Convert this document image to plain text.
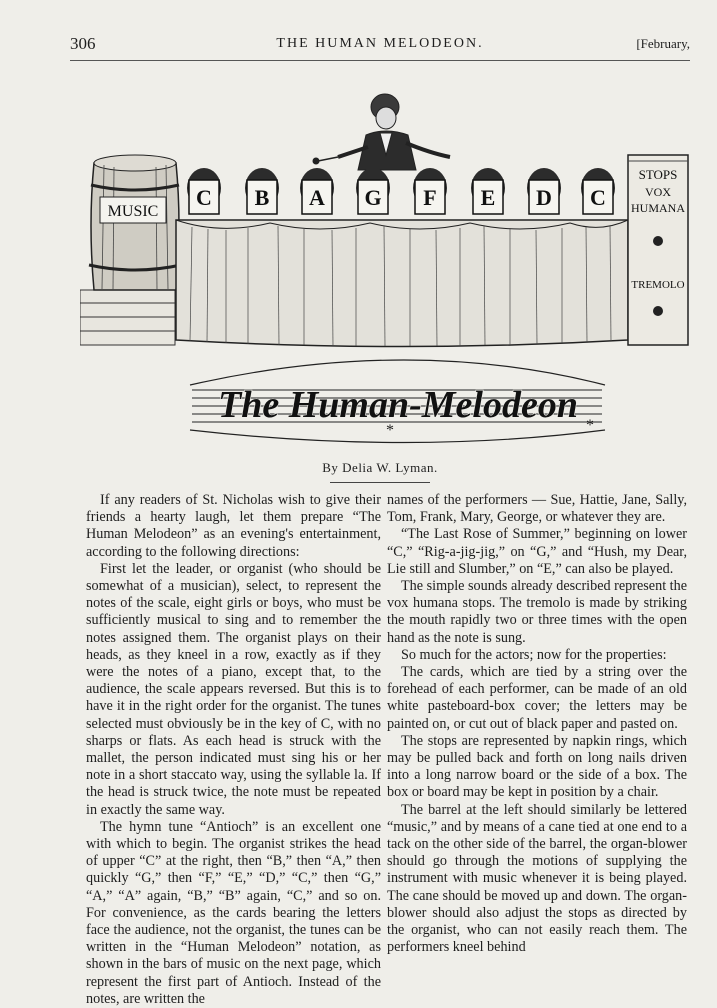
306	THE HUMAN MELODEON.	[February,
MUSIC
C B A G F E D C
STOPS
VOX
HUMANA
TREMOLO
The Human-Melodeon
*	*
By Delia W. Lyman.

If any readers of St. Nicholas wish to give their friends a hearty laugh, let them prepare “The Human Melodeon” as an evening's entertainment, according to the following directions:

First let the leader, or organist (who should be somewhat of a musician), select, to represent the notes of the scale, eight girls or boys, who must be sufficiently musical to sing and to remember the notes assigned them. The organist plays on their heads, as they kneel in a row, exactly as if they were the notes of a piano, except that, to the audience, the scale appears reversed. But this is to have it in the right order for the organist. The tunes selected must obviously be in the key of C, with no sharps or flats. As each head is struck with the mallet, the person indicated must sing his or her note in a short staccato way, using the syllable la. If the head is struck twice, the note must be repeated in exactly the same way.

The hymn tune “Antioch” is an excellent one with which to begin. The organist strikes the head of upper “C” at the right, then “B,” then “A,” then quickly “G,” then “F,” “E,” “D,” “C,” then “G,” “A,” “A” again, “B,” “B” again, “C,” and so on. For convenience, as the cards bearing the letters face the audience, not the organist, the tunes can be written in the “Human Melodeon” notation, as shown in the bars of music on the next page, which represent the first part of Antioch. Instead of the notes, are written the

names of the performers — Sue, Hattie, Jane, Sally, Tom, Frank, Mary, George, or whatever they are.

“The Last Rose of Summer,” beginning on lower “C,” “Rig-a-jig-jig,” on “G,” and “Hush, my Dear, Lie still and Slumber,” on “E,” can also be played.

The simple sounds already described represent the vox humana stops. The tremolo is made by striking the mouth rapidly two or three times with the open hand as the note is sung.

So much for the actors; now for the properties:

The cards, which are tied by a string over the forehead of each performer, can be made of an old white pasteboard-box cover; the letters may be painted on, or cut out of black paper and pasted on.

The stops are represented by napkin rings, which may be pulled back and forth on long nails driven into a long narrow board or the side of a box. The box or board may be kept in position by a chair.

The barrel at the left should similarly be lettered “music,” and by means of a cane tied at one end to a tack on the other side of the barrel, the organ-blower should go through the motions of supplying the instrument with music whenever it is being played. The cane should be moved up and down. The organ-blower should also adjust the stops as directed by the organist, who can not easily reach them. The performers kneel behind
